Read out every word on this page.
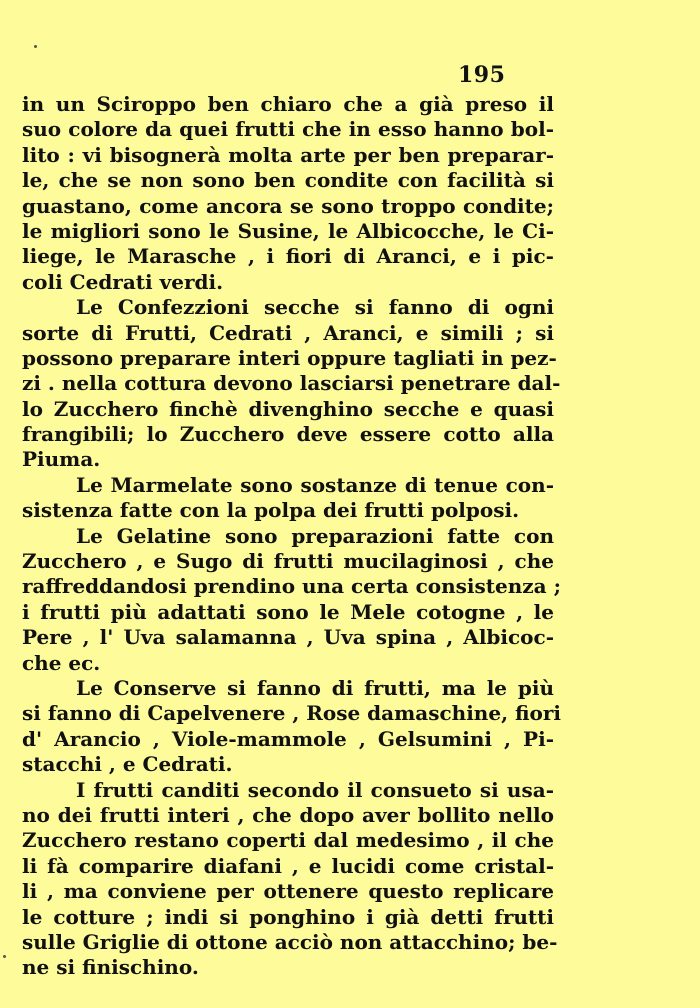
195
in un Sciroppo ben chiaro che a già preso il
suo colore da quei frutti che in esso hanno bol-
lito : vi bisognerà molta arte per ben preparar-
le, che se non sono ben condite con facilità si
guastano, come ancora se sono troppo condite;
le migliori sono le Susine, le Albicocche, le Ci-
liege, le Marasche , i fiori di Aranci, e i pic-
coli Cedrati verdi.
Le Confezzioni secche si fanno di ogni
sorte di Frutti, Cedrati , Aranci, e simili ; si
possono preparare interi oppure tagliati in pez-
zi . nella cottura devono lasciarsi penetrare dal-
lo Zucchero finchè divenghino secche e quasi
frangibili; lo Zucchero deve essere cotto alla
Piuma.
Le Marmelate sono sostanze di tenue con-
sistenza fatte con la polpa dei frutti polposi.
Le Gelatine sono preparazioni fatte con
Zucchero , e Sugo di frutti mucilaginosi , che
raffreddandosi prendino una certa consistenza ;
i frutti più adattati sono le Mele cotogne , le
Pere , l' Uva salamanna , Uva spina , Albicoc-
che ec.
Le Conserve si fanno di frutti, ma le più
si fanno di Capelvenere , Rose damaschine, fiori
d' Arancio , Viole-mammole , Gelsumini , Pi-
stacchi , e Cedrati.
I frutti canditi secondo il consueto si usa-
no dei frutti interi , che dopo aver bollito nello
Zucchero restano coperti dal medesimo , il che
li fà comparire diafani , e lucidi come cristal-
li , ma conviene per ottenere questo replicare
le cotture ; indi si ponghino i già detti frutti
sulle Griglie di ottone acciò non attacchino; be-
ne si finischino.
